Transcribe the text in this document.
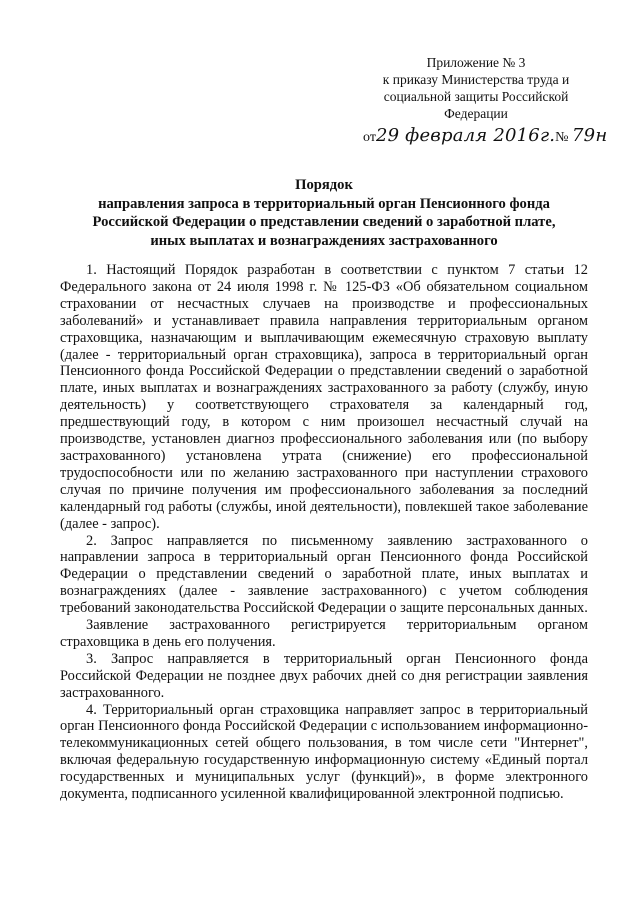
Приложение № 3
к приказу Министерства труда и
социальной защиты Российской
Федерации
от29 февраля 2016г.№ 79н
Порядок
направления запроса в территориальный орган Пенсионного фонда
Российской Федерации о представлении сведений о заработной плате,
иных выплатах и вознаграждениях застрахованного

1. Настоящий Порядок разработан в соответствии с пунктом 7 статьи 12 Федерального закона от 24 июля 1998 г. № 125-ФЗ «Об обязательном социальном страховании от несчастных случаев на производстве и профессиональных заболеваний» и устанавливает правила направления территориальным органом страховщика, назначающим и выплачивающим ежемесячную страховую выплату (далее - территориальный орган страховщика), запроса в территориальный орган Пенсионного фонда Российской Федерации о представлении сведений о заработной плате, иных выплатах и вознаграждениях застрахованного за работу (службу, иную деятельность) у соответствующего страхователя за календарный год, предшествующий году, в котором с ним произошел несчастный случай на производстве, установлен диагноз профессионального заболевания или (по выбору застрахованного) установлена утрата (снижение) его профессиональной трудоспособности или по желанию застрахованного при наступлении страхового случая по причине получения им профессионального заболевания за последний календарный год работы (службы, иной деятельности), повлекшей такое заболевание (далее - запрос).

2. Запрос направляется по письменному заявлению застрахованного о направлении запроса в территориальный орган Пенсионного фонда Российской Федерации о представлении сведений о заработной плате, иных выплатах и вознаграждениях (далее - заявление застрахованного) с учетом соблюдения требований законодательства Российской Федерации о защите персональных данных.

Заявление застрахованного регистрируется территориальным органом страховщика в день его получения.

3. Запрос направляется в территориальный орган Пенсионного фонда Российской Федерации не позднее двух рабочих дней со дня регистрации заявления застрахованного.

4. Территориальный орган страховщика направляет запрос в территориальный орган Пенсионного фонда Российской Федерации с использованием информационно-телекоммуникационных сетей общего пользования, в том числе сети "Интернет", включая федеральную государственную информационную систему «Единый портал государственных и муниципальных услуг (функций)», в форме электронного документа, подписанного усиленной квалифицированной электронной подписью.
